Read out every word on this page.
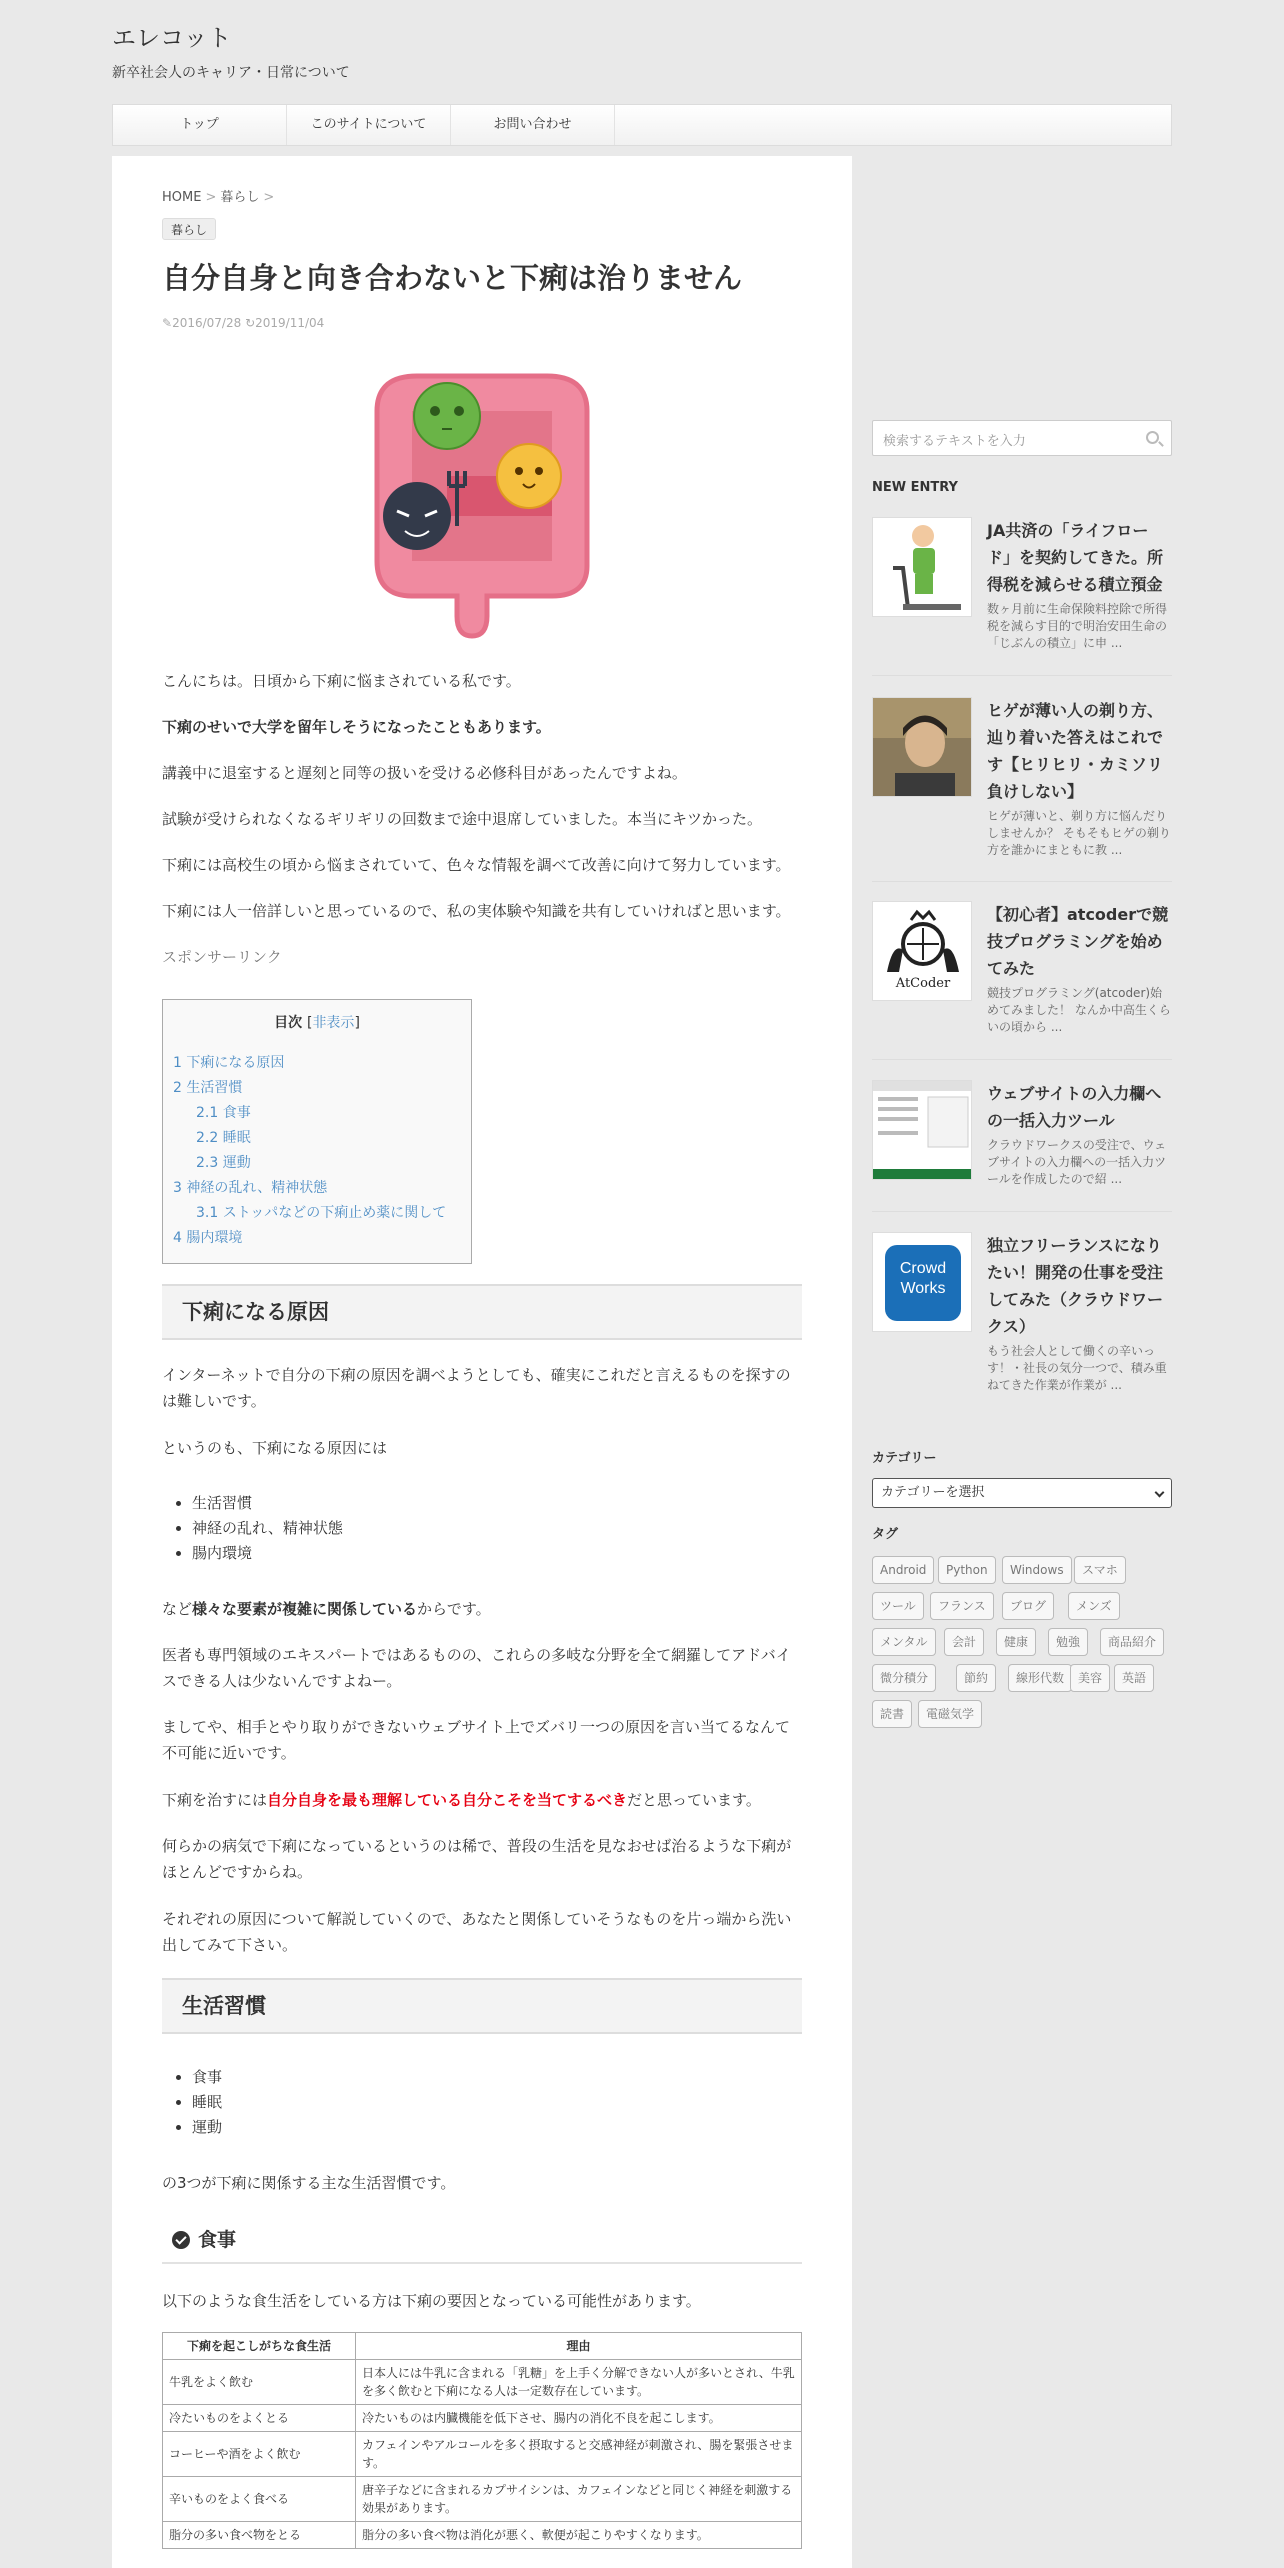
エレコット
新卒社会人のキャリア・日常について
トップ	このサイトについて	お問い合わせ
HOME > 暮らし >
暮らし
自分自身と向き合わないと下痢は治りません
✎2016/07/28 ↻2019/11/04

こんにちは。日頃から下痢に悩まされている私です。

下痢のせいで大学を留年しそうになったこともあります。

講義中に退室すると遅刻と同等の扱いを受ける必修科目があったんですよね。

試験が受けられなくなるギリギリの回数まで途中退席していました。本当にキツかった。

下痢には高校生の頃から悩まされていて、色々な情報を調べて改善に向けて努力しています。

下痢には人一倍詳しいと思っているので、私の実体験や知識を共有していければと思います。

スポンサーリンク
目次 [非表示]
1 下痢になる原因
2 生活習慣
2.1 食事
2.2 睡眠
2.3 運動
3 神経の乱れ、精神状態
3.1 ストッパなどの下痢止め薬に関して
4 腸内環境
下痢になる原因

インターネットで自分の下痢の原因を調べようとしても、確実にこれだと言えるものを探すのは難しいです。

というのも、下痢になる原因には

• 生活習慣
• 神経の乱れ、精神状態
• 腸内環境

など様々な要素が複雑に関係しているからです。

医者も専門領域のエキスパートではあるものの、これらの多岐な分野を全て網羅してアドバイスできる人は少ないんですよねー。

ましてや、相手とやり取りができないウェブサイト上でズバリ一つの原因を言い当てるなんて不可能に近いです。

下痢を治すには自分自身を最も理解している自分こそを当てするべきだと思っています。

何らかの病気で下痢になっているというのは稀で、普段の生活を見なおせば治るような下痢がほとんどですからね。

それぞれの原因について解説していくので、あなたと関係していそうなものを片っ端から洗い出してみて下さい。

生活習慣
• 食事
• 睡眠
• 運動

の3つが下痢に関係する主な生活習慣です。

食事

以下のような食生活をしている方は下痢の要因となっている可能性があります。

下痢を起こしがちな食生活	理由
牛乳をよく飲む	日本人には牛乳に含まれる「乳糖」を上手く分解できない人が多いとされ、牛乳を多く飲むと下痢になる人は一定数存在しています。
冷たいものをよくとる	冷たいものは内臓機能を低下させ、腸内の消化不良を起こします。
コーヒーや酒をよく飲む	カフェインやアルコールを多く摂取すると交感神経が刺激され、腸を緊張させます。
辛いものをよく食べる	唐辛子などに含まれるカプサイシンは、カフェインなどと同じく神経を刺激する効果があります。
脂分の多い食べ物をとる	脂分の多い食べ物は消化が悪く、軟便が起こりやすくなります。
検索するテキストを入力
NEW ENTRY
JA共済の「ライフロード」を契約してきた。所得税を減らせる積立預金
数ヶ月前に生命保険料控除で所得税を減らす目的で明治安田生命の「じぶんの積立」に申 ...
ヒゲが薄い人の剃り方、辿り着いた答えはこれです【ヒリヒリ・カミソリ負けしない】
ヒゲが薄いと、剃り方に悩んだりしませんか？ そもそもヒゲの剃り方を誰かにまともに教 ...
AtCoder
【初心者】atcoderで競技プログラミングを始めてみた
競技プログラミング(atcoder)始めてみました！ なんか中高生くらいの頃から ...
ウェブサイトの入力欄への一括入力ツール
クラウドワークスの受注で、ウェブサイトの入力欄への一括入力ツールを作成したので紹 ...
Crowd Works
独立フリーランスになりたい！開発の仕事を受注してみた（クラウドワークス）
もう社会人として働くの辛いっす！・社長の気分一つで、積み重ねてきた作業が作業が ...
カテゴリー
カテゴリーを選択
タグ
Android	Python	Windows	スマホ
ツール	フランス	ブログ	メンズ
メンタル	会計	健康	勉強	商品紹介
微分積分	節約	線形代数	美容	英語
読書	電磁気学
